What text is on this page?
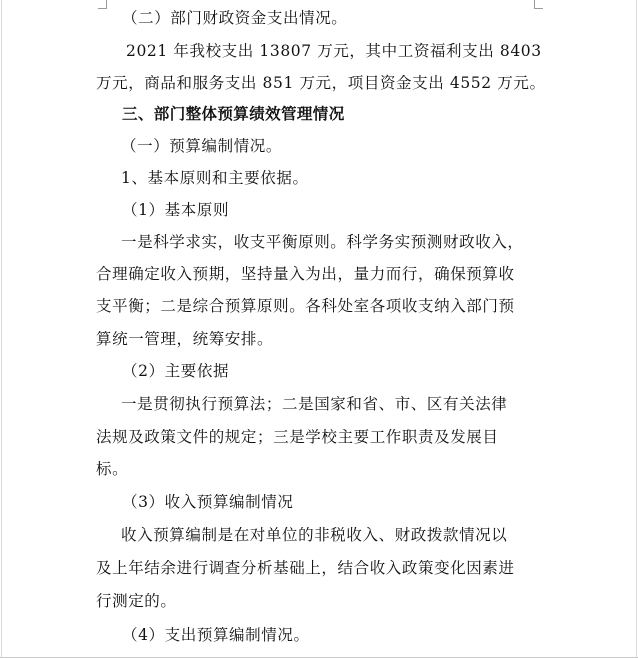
（二）部门财政资金支出情况。
2021 年我校支出 13807 万元，其中工资福利支出 8403
万元，商品和服务支出 851 万元，项目资金支出 4552 万元。
三、部门整体预算绩效管理情况
（一）预算编制情况。
1、基本原则和主要依据。
（1）基本原则
一是科学求实，收支平衡原则。科学务实预测财政收入，
合理确定收入预期，坚持量入为出，量力而行，确保预算收
支平衡；二是综合预算原则。各科处室各项收支纳入部门预
算统一管理，统筹安排。
（2）主要依据
一是贯彻执行预算法；二是国家和省、市、区有关法律
法规及政策文件的规定；三是学校主要工作职责及发展目
标。
（3）收入预算编制情况
收入预算编制是在对单位的非税收入、财政拨款情况以
及上年结余进行调查分析基础上，结合收入政策变化因素进
行测定的。
（4）支出预算编制情况。
